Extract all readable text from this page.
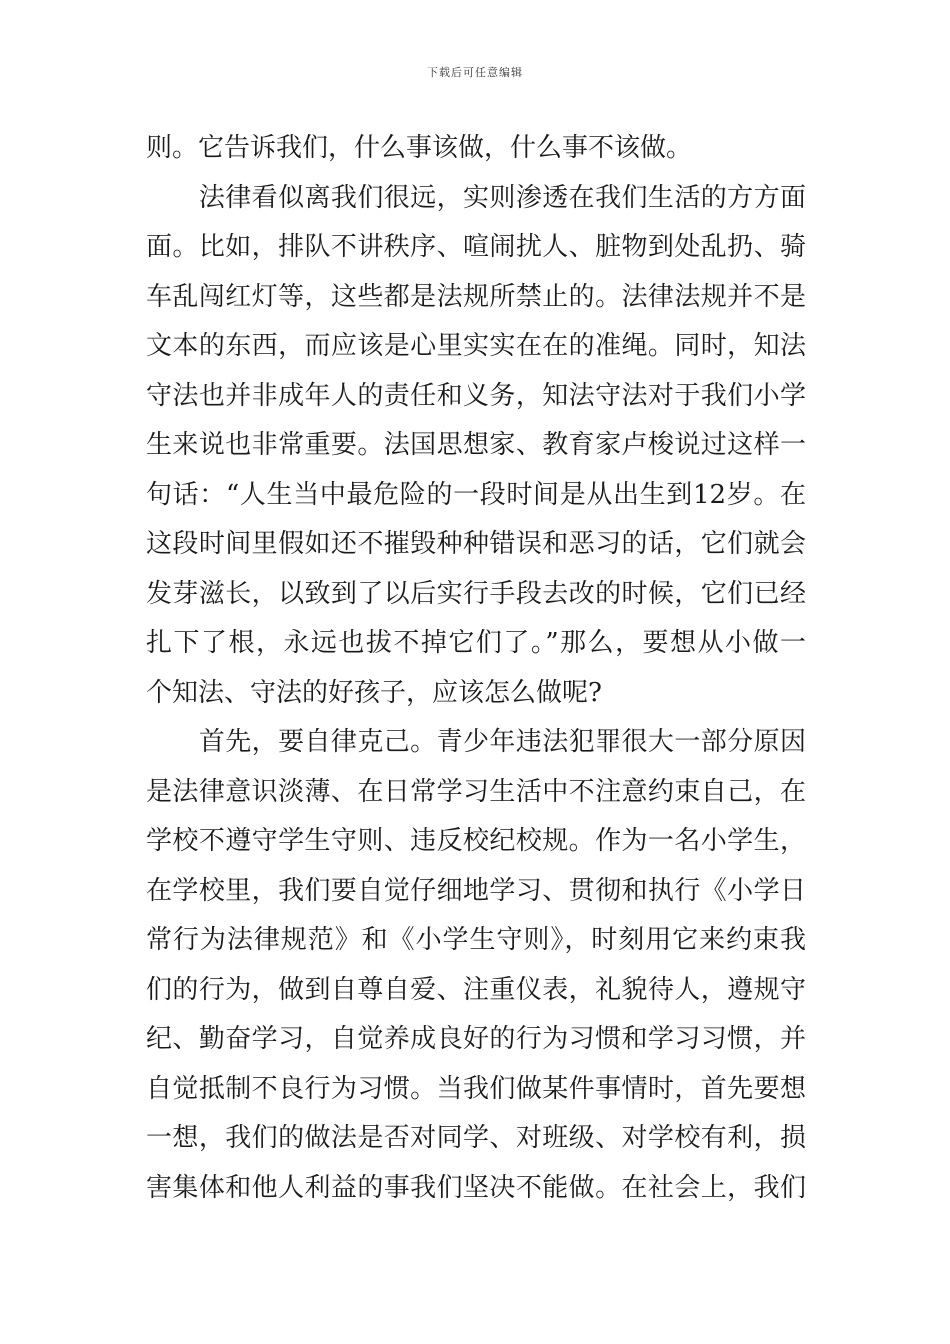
下载后可任意编辑
则。它告诉我们，什么事该做，什么事不该做。
　　法律看似离我们很远，实则渗透在我们生活的方方面
面。比如，排队不讲秩序、喧闹扰人、脏物到处乱扔、骑
车乱闯红灯等，这些都是法规所禁止的。法律法规并不是
文本的东西，而应该是心里实实在在的准绳。同时，知法
守法也并非成年人的责任和义务，知法守法对于我们小学
生来说也非常重要。法国思想家、教育家卢梭说过这样一
句话：“人生当中最危险的一段时间是从出生到12岁。在
这段时间里假如还不摧毁种种错误和恶习的话，它们就会
发芽滋长，以致到了以后实行手段去改的时候，它们已经
扎下了根，永远也拔不掉它们了。”那么，要想从小做一
个知法、守法的好孩子，应该怎么做呢?
　　首先，要自律克己。青少年违法犯罪很大一部分原因
是法律意识淡薄、在日常学习生活中不注意约束自己，在
学校不遵守学生守则、违反校纪校规。作为一名小学生，
在学校里，我们要自觉仔细地学习、贯彻和执行《小学日
常行为法律规范》和《小学生守则》，时刻用它来约束我
们的行为，做到自尊自爱、注重仪表，礼貌待人，遵规守
纪、勤奋学习，自觉养成良好的行为习惯和学习习惯，并
自觉抵制不良行为习惯。当我们做某件事情时，首先要想
一想，我们的做法是否对同学、对班级、对学校有利，损
害集体和他人利益的事我们坚决不能做。在社会上，我们
